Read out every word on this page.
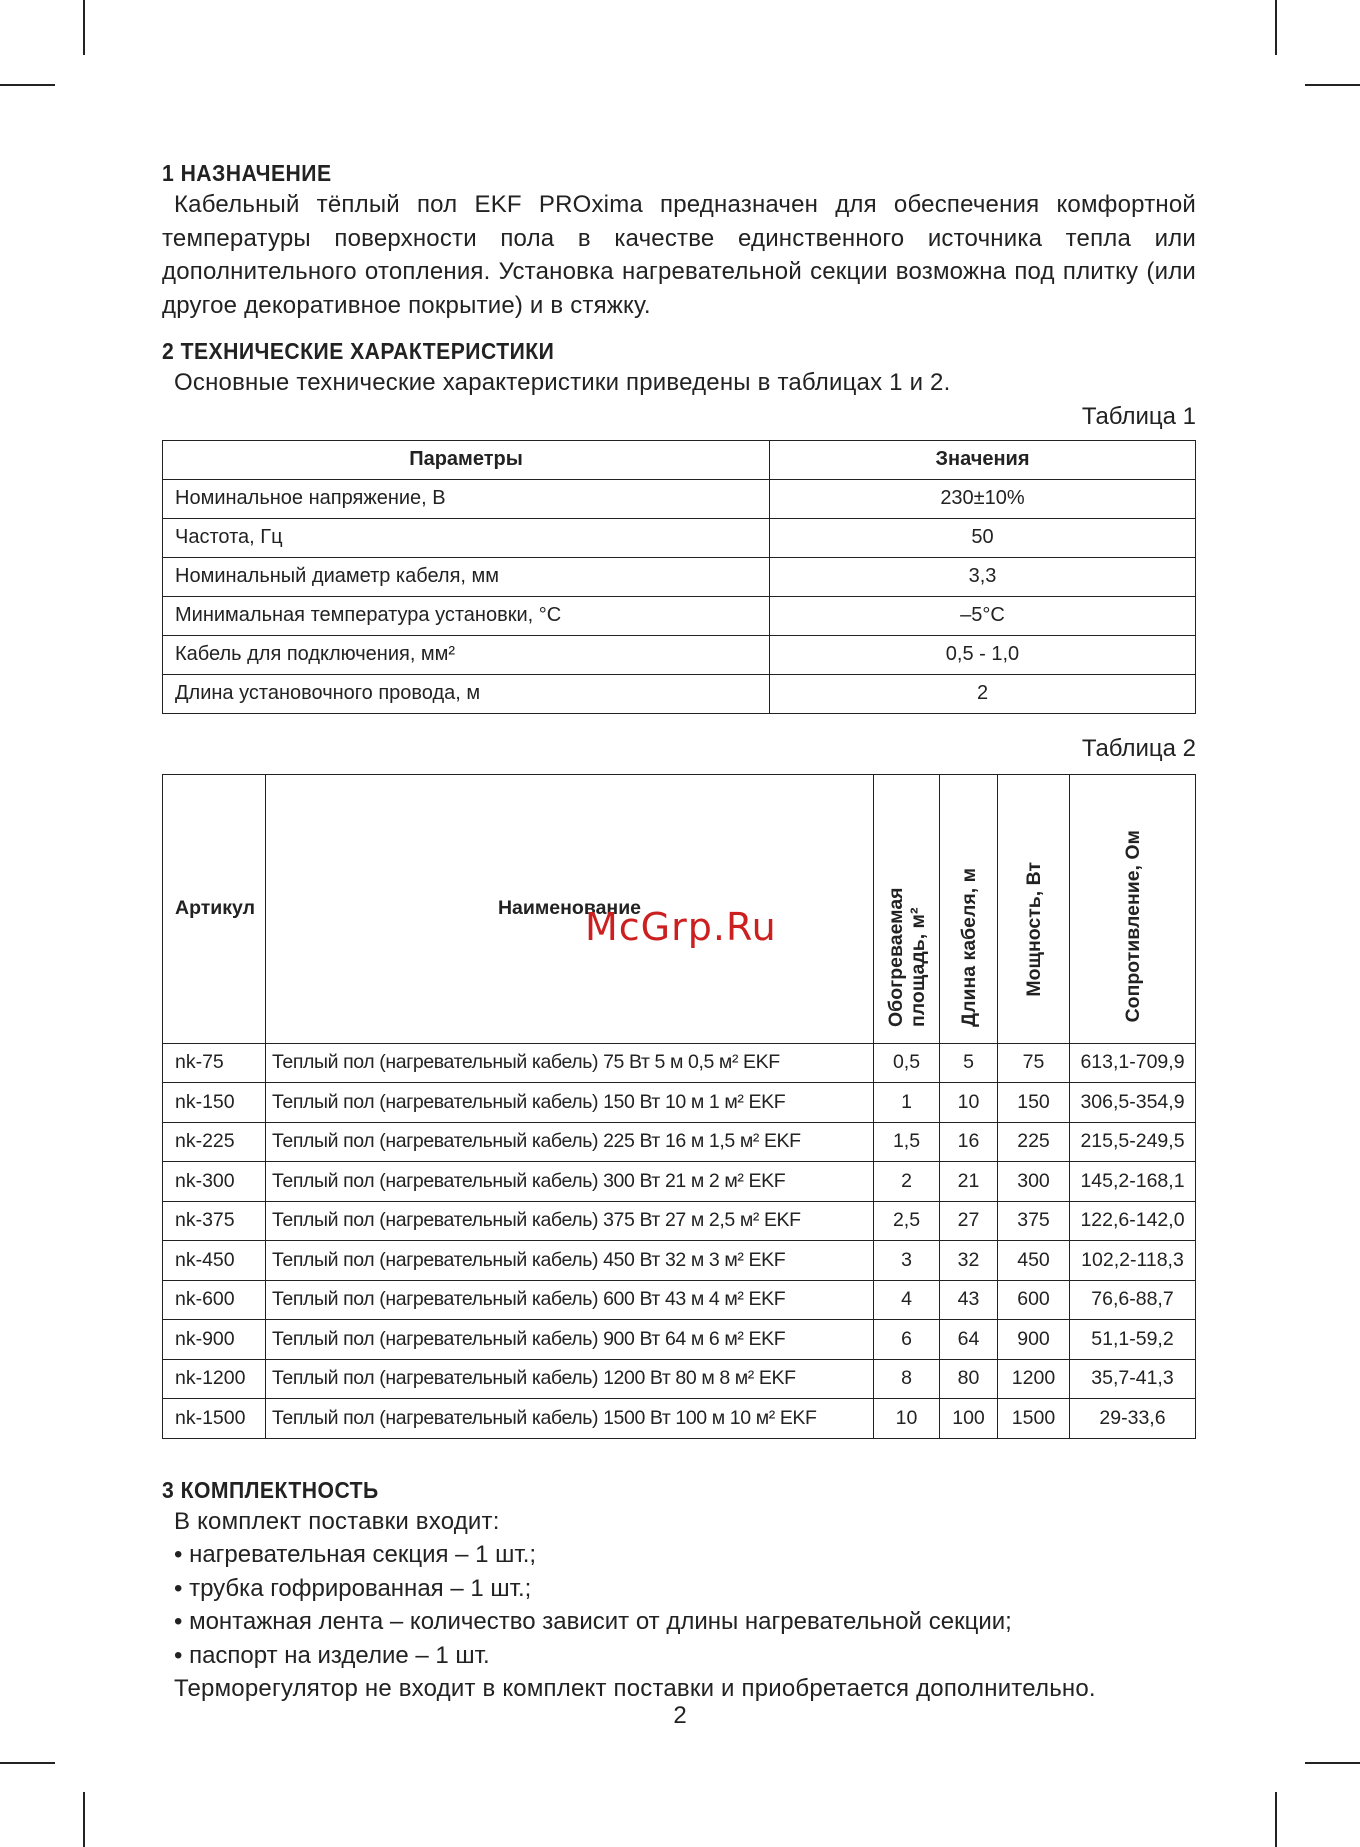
1 НАЗНАЧЕНИЕ

Кабельный тёплый пол EKF PROxima предназначен для обеспечения комфортной температуры поверхности пола в качестве единственного источника тепла или дополнительного отопления. Установка нагревательной секции возможна под плитку (или другое декоративное покрытие) и в стяжку.

2 ТЕХНИЧЕСКИЕ ХАРАКТЕРИСТИКИ

Основные технические характеристики приведены в таблицах 1 и 2.

Таблица 1
Параметры	Значения
Номинальное напряжение, В	230±10%
Частота, Гц	50
Номинальный диаметр кабеля, мм	3,3
Минимальная температура установки, °С	–5°С
Кабель для подключения, мм²	0,5 - 1,0
Длина установочного провода, м	2
Таблица 2
Артикул	Наименование	Обогреваемая площадь, м²	Длина кабеля, м	Мощность, Вт	Сопротивление, Ом
nk-75	Теплый пол (нагревательный кабель) 75 Вт 5 м 0,5 м² EKF	0,5	5	75	613,1-709,9
nk-150	Теплый пол (нагревательный кабель) 150 Вт 10 м 1 м² EKF	1	10	150	306,5-354,9
nk-225	Теплый пол (нагревательный кабель) 225 Вт 16 м 1,5 м² EKF	1,5	16	225	215,5-249,5
nk-300	Теплый пол (нагревательный кабель) 300 Вт 21 м 2 м² EKF	2	21	300	145,2-168,1
nk-375	Теплый пол (нагревательный кабель) 375 Вт 27 м 2,5 м² EKF	2,5	27	375	122,6-142,0
nk-450	Теплый пол (нагревательный кабель) 450 Вт 32 м 3 м² EKF	3	32	450	102,2-118,3
nk-600	Теплый пол (нагревательный кабель) 600 Вт 43 м 4 м² EKF	4	43	600	76,6-88,7
nk-900	Теплый пол (нагревательный кабель) 900 Вт 64 м 6 м² EKF	6	64	900	51,1-59,2
nk-1200	Теплый пол (нагревательный кабель) 1200 Вт 80 м 8 м² EKF	8	80	1200	35,7-41,3
nk-1500	Теплый пол (нагревательный кабель) 1500 Вт 100 м 10 м² EKF	10	100	1500	29-33,6
3 КОМПЛЕКТНОСТЬ

В комплект поставки входит:

• нагревательная секция – 1 шт.;
• трубка гофрированная – 1 шт.;
• монтажная лента – количество зависит от длины нагревательной секции;
• паспорт на изделие – 1 шт.

Терморегулятор не входит в комплект поставки и приобретается дополнительно.

McGrp.Ru
2
